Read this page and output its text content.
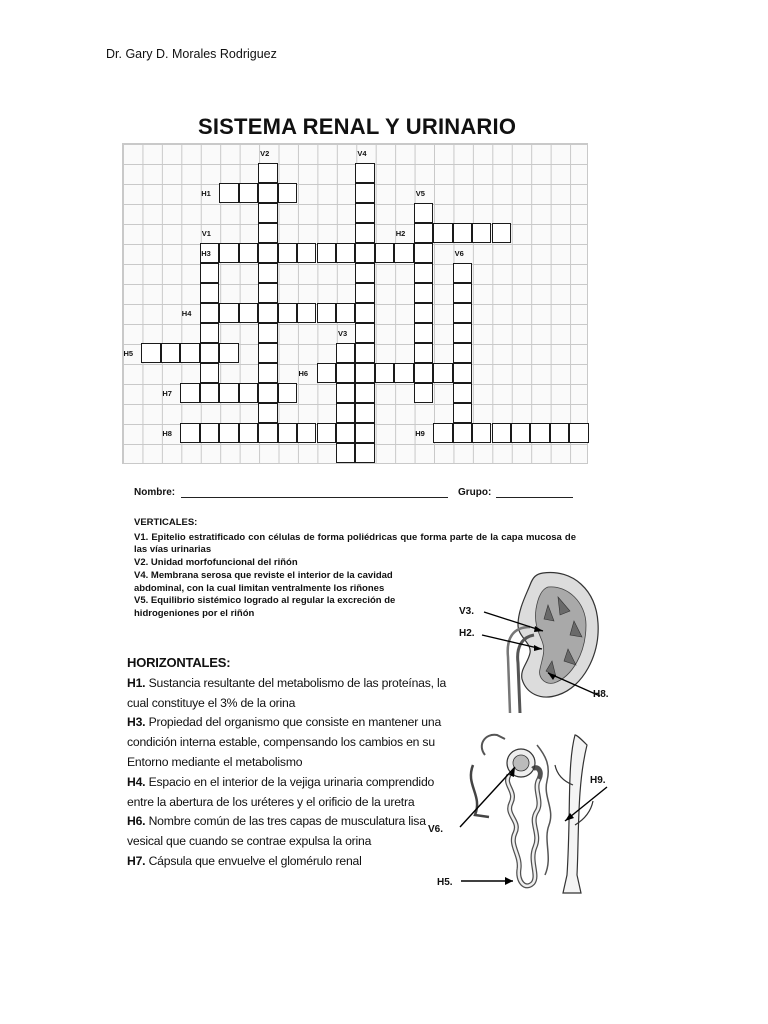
Dr. Gary D. Morales Rodriguez
SISTEMA RENAL Y URINARIO
V2	V4
H1	V5
V1	H2
H3	V6
H4
V3
H5
H6
H7
H8	H9
Nombre:	Grupo:
VERTICALES:
V1. Epitelio estratificado con células de forma poliédricas que forma parte de la capa mucosa de las vías urinarias
V2. Unidad morfofuncional del riñón
V4. Membrana serosa que reviste el interior de la cavidad abdominal, con la cual limitan ventralmente los riñones
V5. Equilibrio sistémico logrado al regular la excreción de hidrogeniones por el riñón
HORIZONTALES:
H1. Sustancia resultante del metabolismo de las proteínas, la cual constituye el 3% de la orina
H3. Propiedad del organismo que consiste en mantener una condición interna estable, compensando los cambios en su Entorno mediante el metabolismo
H4. Espacio en el interior de la vejiga urinaria comprendido entre la abertura de los uréteres y el orificio de la uretra
H6. Nombre común de las tres capas de musculatura lisa vesical que cuando se contrae expulsa la orina
H7. Cápsula que envuelve el glomérulo renal
V3.
H2.
H8.
H9.
V6.
H5.
